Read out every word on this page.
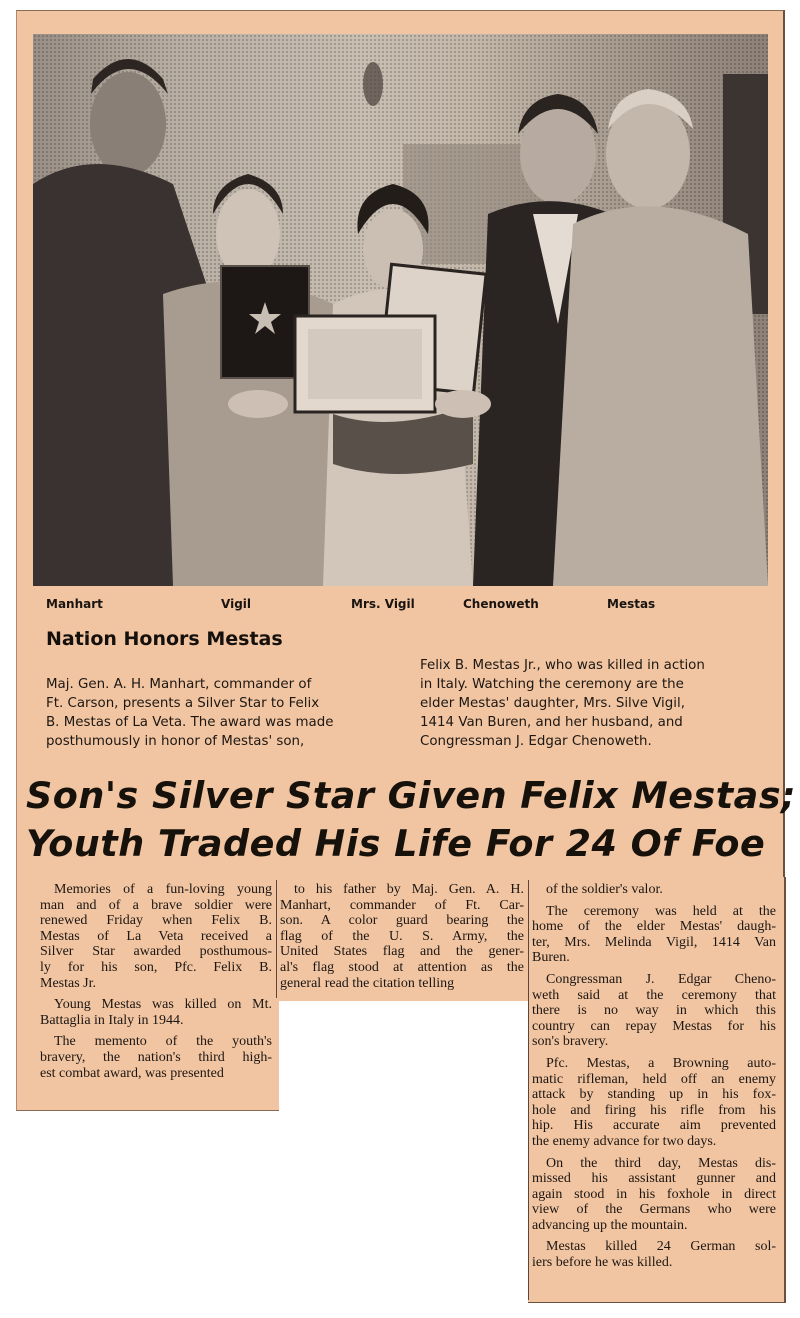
Manhart	Vigil	Mrs. Vigil	Chenoweth	Mestas
Nation Honors Mestas
Maj. Gen. A. H. Manhart, commander of
Ft. Carson, presents a Silver Star to Felix
B. Mestas of La Veta. The award was made
posthumously in honor of Mestas' son,
Felix B. Mestas Jr., who was killed in action
in Italy. Watching the ceremony are the
elder Mestas' daughter, Mrs. Silve Vigil,
1414 Van Buren, and her husband, and
Congressman J. Edgar Chenoweth.
Son's Silver Star Given Felix Mestas;
Youth Traded His Life For 24 Of Foe

Memories of a fun-loving young
man and of a brave soldier were
renewed Friday when Felix B.
Mestas of La Veta received a
Silver Star awarded posthumous-
ly for his son, Pfc. Felix B.
Mestas Jr.

Young Mestas was killed on Mt.
Battaglia in Italy in 1944.

The memento of the youth's
bravery, the nation's third high-
est combat award, was presented

to his father by Maj. Gen. A. H.
Manhart, commander of Ft. Car-
son. A color guard bearing the
flag of the U. S. Army, the
United States flag and the gener-
al's flag stood at attention as the
general read the citation telling

of the soldier's valor.

The ceremony was held at the
home of the elder Mestas' daugh-
ter, Mrs. Melinda Vigil, 1414 Van
Buren.

Congressman J. Edgar Cheno-
weth said at the ceremony that
there is no way in which this
country can repay Mestas for his
son's bravery.

Pfc. Mestas, a Browning auto-
matic rifleman, held off an enemy
attack by standing up in his fox-
hole and firing his rifle from his
hip. His accurate aim prevented
the enemy advance for two days.

On the third day, Mestas dis-
missed his assistant gunner and
again stood in his foxhole in direct
view of the Germans who were
advancing up the mountain.

Mestas killed 24 German sol-
iers before he was killed.
